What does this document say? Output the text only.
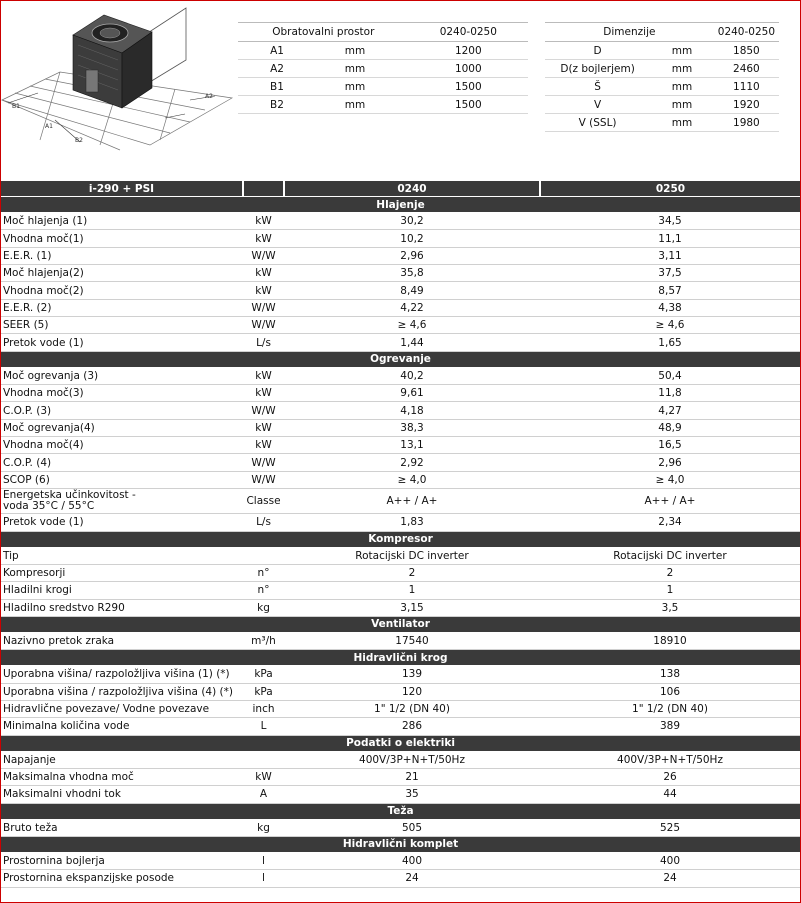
B1
A1
B2
A2
Obratovalni prostor			0240-0250
A1	mm		1200
A2	mm		1000
B1	mm		1500
B2	mm		1500
Dimenzije		0240-0250
D	mm	1850
D(z bojlerjem)	mm	2460
Š	mm	1110
V	mm	1920
V (SSL)	mm	1980
i-290 + PSI		0240	0250
Hlajenje			
Moč hlajenja (1)	kW	30,2	34,5
Vhodna moč(1)	kW	10,2	11,1
E.E.R. (1)	W/W	2,96	3,11
Moč hlajenja(2)	kW	35,8	37,5
Vhodna moč(2)	kW	8,49	8,57
E.E.R. (2)	W/W	4,22	4,38
SEER (5)	W/W	≥ 4,6	≥ 4,6
Pretok vode (1)	L/s	1,44	1,65
Ogrevanje			
Moč ogrevanja (3)	kW	40,2	50,4
Vhodna moč(3)	kW	9,61	11,8
C.O.P. (3)	W/W	4,18	4,27
Moč ogrevanja(4)	kW	38,3	48,9
Vhodna moč(4)	kW	13,1	16,5
C.O.P. (4)	W/W	2,92	2,96
SCOP (6)	W/W	≥ 4,0	≥ 4,0
Energetska učinkovitost -
voda 35°C / 55°C	Classe	A++ / A+	A++ / A+
Pretok vode (1)	L/s	1,83	2,34
Kompresor			
Tip		Rotacijski DC inverter	Rotacijski DC inverter
Kompresorji	n°	2	2
Hladilni krogi	n°	1	1
Hladilno sredstvo R290	kg	3,15	3,5
Ventilator			
Nazivno pretok zraka	m³/h	17540	18910
Hidravlični krog			
Uporabna višina/ razpoložljiva višina (1) (*)	kPa	139	138
Uporabna višina / razpoložljiva višina (4) (*)	kPa	120	106
Hidravlične povezave/ Vodne povezave	inch	1" 1/2 (DN 40)	1" 1/2 (DN 40)
Minimalna količina vode	L	286	389
Podatki o elektriki			
Napajanje		400V/3P+N+T/50Hz	400V/3P+N+T/50Hz
Maksimalna vhodna moč	kW	21	26
Maksimalni vhodni tok	A	35	44
Teža			
Bruto teža	kg	505	525
Hidravlični komplet			
Prostornina bojlerja	l	400	400
Prostornina ekspanzijske posode	l	24	24
